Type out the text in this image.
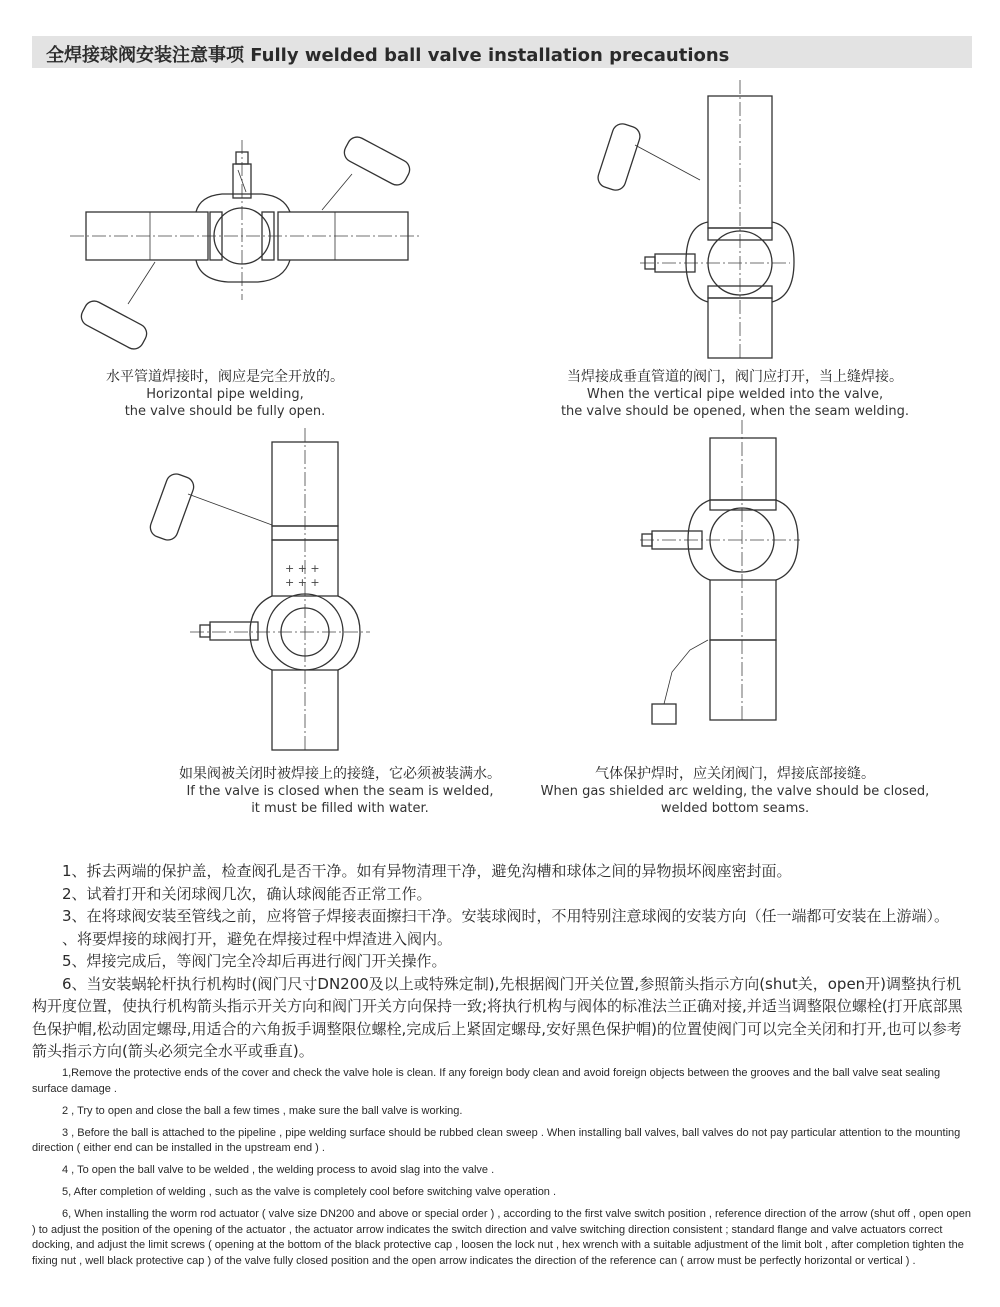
全焊接球阀安装注意事项 Fully welded ball valve installation precautions
+ + +
+ + +
水平管道焊接时，阀应是完全开放的。
Horizontal pipe welding,
the valve should be fully open.
当焊接成垂直管道的阀门，阀门应打开，当上缝焊接。
When the vertical pipe welded into the valve,
the valve should be opened, when the seam welding.
如果阀被关闭时被焊接上的接缝，它必须被装满水。
If the valve is closed when the seam is welded,
it must be filled with water.
气体保护焊时，应关闭阀门，焊接底部接缝。
When gas shielded arc welding, the valve should be closed,
welded bottom seams.

1、拆去两端的保护盖，检查阀孔是否干净。如有异物清理干净，避免沟槽和球体之间的异物损坏阀座密封面。

2、试着打开和关闭球阀几次，确认球阀能否正常工作。

3、在将球阀安装至管线之前，应将管子焊接表面擦扫干净。安装球阀时，不用特别注意球阀的安装方向（任一端都可安装在上游端）。

、将要焊接的球阀打开，避免在焊接过程中焊渣进入阀内。

5、焊接完成后，等阀门完全冷却后再进行阀门开关操作。

6、当安装蜗轮杆执行机构时(阀门尺寸DN200及以上或特殊定制),先根据阀门开关位置,参照箭头指示方向(shut关，open开)调整执行机构开度位置，使执行机构箭头指示开关方向和阀门开关方向保持一致;将执行机构与阀体的标准法兰正确对接,并适当调整限位螺栓(打开底部黑色保护帽,松动固定螺母,用适合的六角扳手调整限位螺栓,完成后上紧固定螺母,安好黑色保护帽)的位置使阀门可以完全关闭和打开,也可以参考箭头指示方向(箭头必须完全水平或垂直)。

1,Remove the protective ends of the cover and check the valve hole is clean. If any foreign body clean and avoid foreign objects between the grooves and the ball valve seat sealing surface damage .

2 , Try to open and close the ball a few times , make sure the ball valve is working.

3 , Before the ball is attached to the pipeline , pipe welding surface should be rubbed clean sweep . When installing ball valves, ball valves do not pay particular attention to the mounting direction ( either end can be installed in the upstream end ) .

4 , To open the ball valve to be welded , the welding process to avoid slag into the valve .

5, After completion of welding , such as the valve is completely cool before switching valve operation .

6, When installing the worm rod actuator ( valve size DN200 and above or special order ) , according to the first valve switch position , reference direction of the arrow (shut off , open open ) to adjust the position of the opening of the actuator , the actuator arrow indicates the switch direction and valve switching direction consistent ; standard flange and valve actuators correct docking, and adjust the limit screws ( opening at the bottom of the black protective cap , loosen the lock nut , hex wrench with a suitable adjustment of the limit bolt , after completion tighten the fixing nut , well black protective cap ) of the valve fully closed position and the open arrow indicates the direction of the reference can ( arrow must be perfectly horizontal or vertical ) .
